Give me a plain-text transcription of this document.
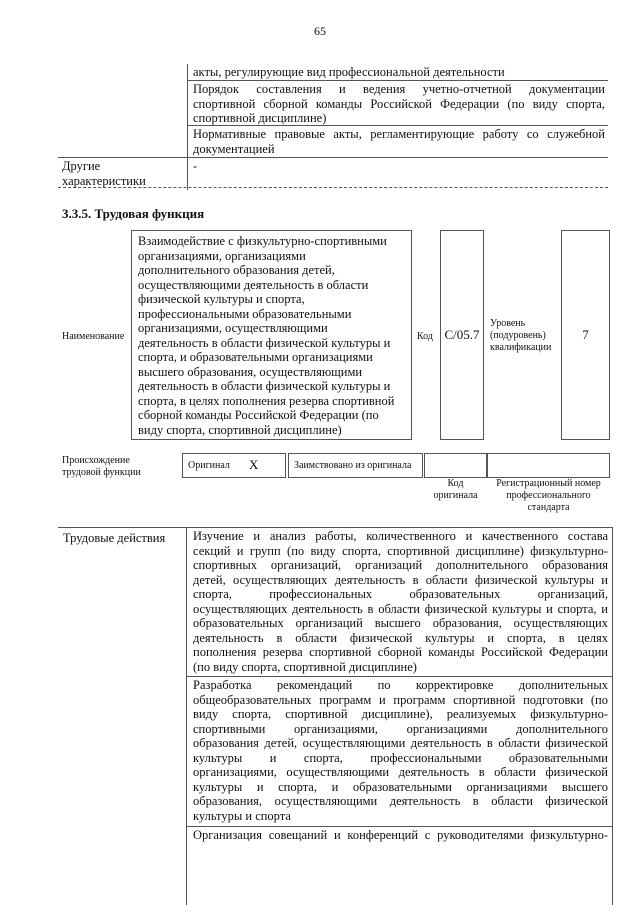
65
акты, регулирующие вид профессиональной деятельности
Порядок составления и ведения учетно-отчетной документации
спортивной сборной команды Российской Федерации (по виду спорта,
спортивной дисциплине)
Нормативные правовые акты, регламентирующие работу со служебной
документацией
Другие
характеристики
-
3.3.5. Трудовая функция
Наименование
Взаимодействие с физкультурно-спортивными
организациями, организациями
дополнительного образования детей,
осуществляющими деятельность в области
физической культуры и спорта,
профессиональными образовательными
организациями, осуществляющими
деятельность в области физической культуры и
спорта, и образовательными организациями
высшего образования, осуществляющими
деятельность в области физической культуры и
спорта, в целях пополнения резерва спортивной
сборной команды Российской Федерации (по
виду спорта, спортивной дисциплине)
Код C/05.7
Уровень
(подуровень)
квалификации
7
Происхождение
трудовой функции
Оригинал X	Заимствовано из оригинала
Код
оригинала
Регистрационный номер
профессионального
стандарта
Трудовые действия Изучение и анализ работы, количественного и качественного состава
секций и групп (по виду спорта, спортивной дисциплине) физкультурно-
спортивных организаций, организаций дополнительного образования
детей, осуществляющих деятельность в области физической культуры и
спорта, профессиональных образовательных организаций,
осуществляющих деятельность в области физической культуры и спорта, и
образовательных организаций высшего образования, осуществляющих
деятельность в области физической культуры и спорта, в целях
пополнения резерва спортивной сборной команды Российской Федерации
(по виду спорта, спортивной дисциплине)
Разработка рекомендаций по корректировке дополнительных
общеобразовательных программ и программ спортивной подготовки (по
виду спорта, спортивной дисциплине), реализуемых физкультурно-
спортивными организациями, организациями дополнительного
образования детей, осуществляющими деятельность в области физической
культуры и спорта, профессиональными образовательными
организациями, осуществляющими деятельность в области физической
культуры и спорта, и образовательными организациями высшего
образования, осуществляющими деятельность в области физической
культуры и спорта
Организация совещаний и конференций с руководителями физкультурно-
